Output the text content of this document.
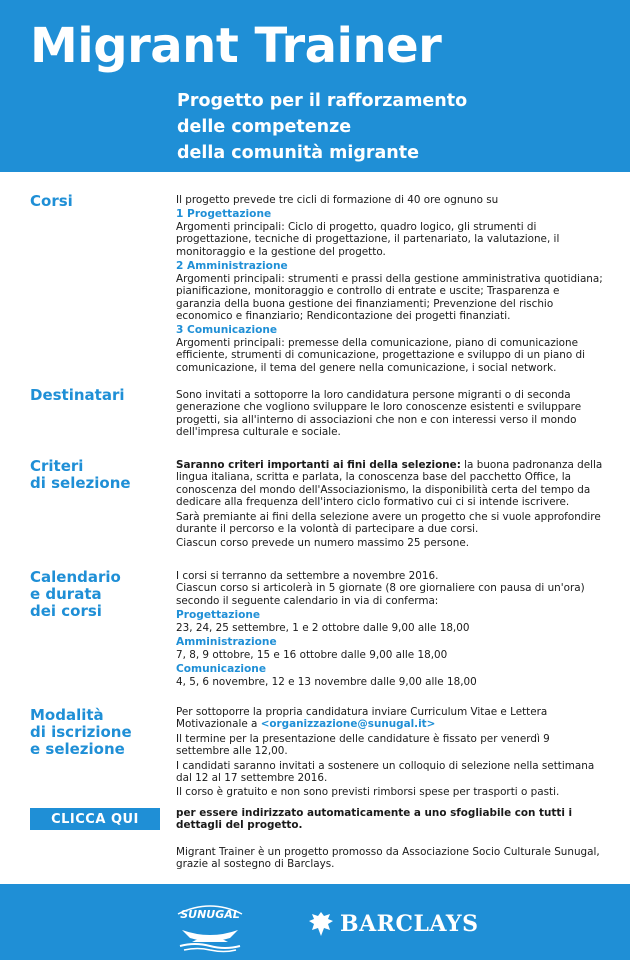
Migrant Trainer
Progetto per il rafforzamento
delle competenze
della comunità migrante
Corsi	Il progetto prevede tre cicli di formazione di 40 ore ognuno su

1 Progettazione

Argomenti principali: Ciclo di progetto, quadro logico, gli strumenti di progettazione, tecniche di progettazione, il partenariato, la valutazione, il monitoraggio e la gestione del progetto.

2 Amministrazione

Argomenti principali: strumenti e prassi della gestione amministrativa quotidiana; pianificazione, monitoraggio e controllo di entrate e uscite; Trasparenza e garanzia della buona gestione dei finanziamenti; Prevenzione del rischio economico e finanziario; Rendicontazione dei progetti finanziati.

3 Comunicazione

Argomenti principali: premesse della comunicazione, piano di comunicazione efficiente, strumenti di comunicazione, progettazione e sviluppo di un piano di comunicazione, il tema del genere nella comunicazione, i social network.

Destinatari	Sono invitati a sottoporre la loro candidatura persone migranti o di seconda generazione che vogliono sviluppare le loro conoscenze esistenti e sviluppare progetti, sia all'interno di associazioni che non e con interessi verso il mondo dell'impresa culturale e sociale.

Criteri
di selezione

Saranno criteri importanti ai fini della selezione: la buona padronanza della lingua italiana, scritta e parlata, la conoscenza base del pacchetto Office, la conoscenza del mondo dell'Associazionismo, la disponibilità certa del tempo da dedicare alla frequenza dell'intero ciclo formativo cui ci si intende iscrivere.

Sarà premiante ai fini della selezione avere un progetto che si vuole approfondire durante il percorso e la volontà di partecipare a due corsi.

Ciascun corso prevede un numero massimo 25 persone.

Calendario
e durata
dei corsi

I corsi si terranno da settembre a novembre 2016.

Ciascun corso si articolerà in 5 giornate (8 ore giornaliere con pausa di un'ora) secondo il seguente calendario in via di conferma:

Progettazione

23, 24, 25 settembre, 1 e 2 ottobre dalle 9,00 alle 18,00

Amministrazione

7, 8, 9 ottobre, 15 e 16 ottobre dalle 9,00 alle 18,00

Comunicazione

4, 5, 6 novembre, 12 e 13 novembre dalle 9,00 alle 18,00

Modalità
di iscrizione
e selezione

Per sottoporre la propria candidatura inviare Curriculum Vitae e Lettera Motivazionale a <organizzazione@sunugal.it>

Il termine per la presentazione delle candidature è fissato per venerdì 9 settembre alle 12,00.

I candidati saranno invitati a sostenere un colloquio di selezione nella settimana dal 12 al 17 settembre 2016.

Il corso è gratuito e non sono previsti rimborsi spese per trasporti o pasti.

CLICCA QUI	per essere indirizzato automaticamente a uno sfogliabile con tutti i dettagli del progetto.
Migrant Trainer è un progetto promosso da Associazione Socio Culturale Sunugal, grazie al sostegno di Barclays.
SUNUGAL	BARCLAYS
